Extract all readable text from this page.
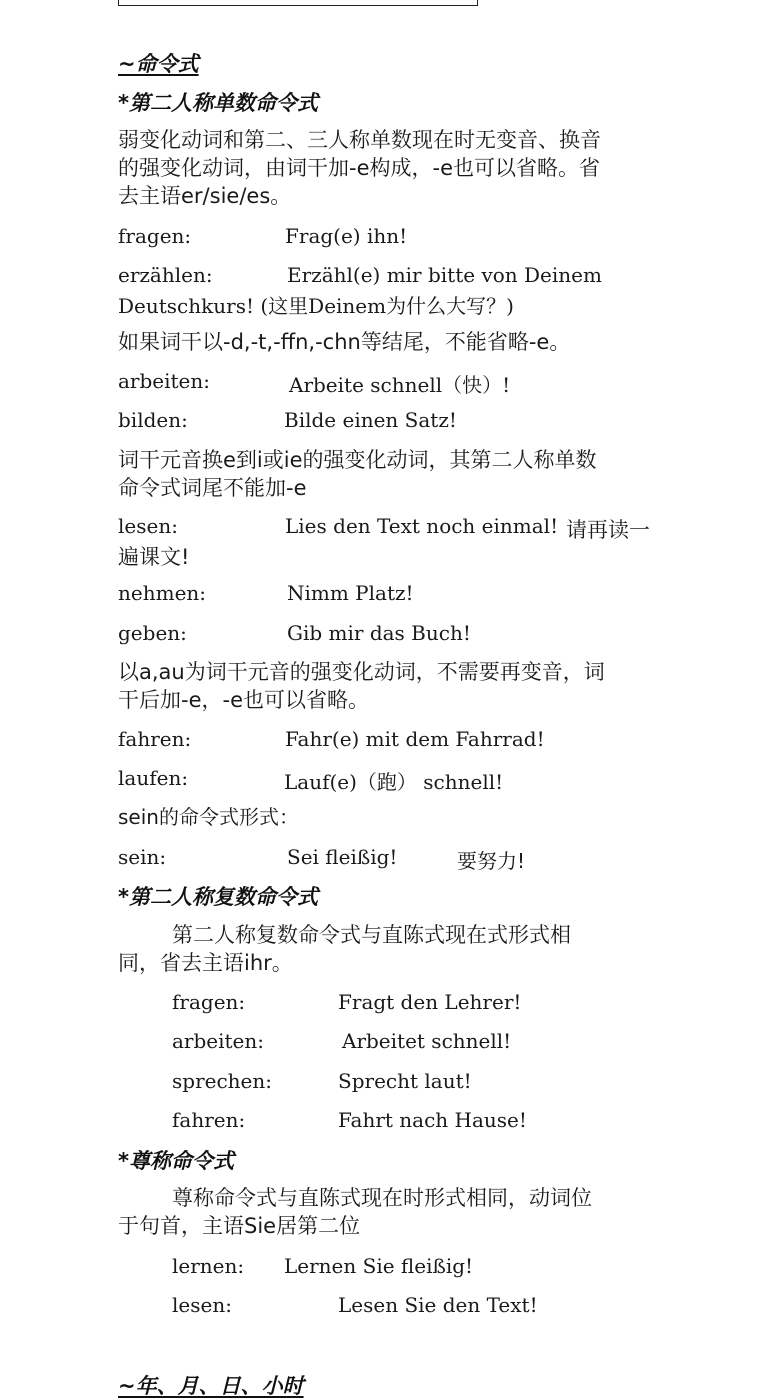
~命令式
*第二人称单数命令式
弱变化动词和第二、三人称单数现在时无变音、换音
的强变化动词，由词干加-e构成，-e也可以省略。省
去主语er/sie/es。
fragen:	Frag(e) ihn!
erzählen:	Erzähl(e) mir bitte von Deinem
Deutschkurs! (这里Deinem为什么大写？)
如果词干以-d,-t,-ffn,-chn等结尾，不能省略-e。
arbeiten:	Arbeite schnell（快）!
bilden:	Bilde einen Satz!
词干元音换e到i或ie的强变化动词，其第二人称单数
命令式词尾不能加-e
lesen:	Lies den Text noch einmal! 请再读一
遍课文!
nehmen:	Nimm Platz!
geben:	Gib mir das Buch!
以a,au为词干元音的强变化动词，不需要再变音，词
干后加-e，-e也可以省略。
fahren:	Fahr(e) mit dem Fahrrad!
laufen:	Lauf(e)（跑） schnell!
sein的命令式形式：
sein:	Sei fleißig!	要努力!
*第二人称复数命令式
第二人称复数命令式与直陈式现在式形式相
同，省去主语ihr。
fragen:	Fragt den Lehrer!
arbeiten:	Arbeitet schnell!
sprechen:	Sprecht laut!
fahren:	Fahrt nach Hause!
*尊称命令式
尊称命令式与直陈式现在时形式相同，动词位
于句首，主语Sie居第二位
lernen: Lernen Sie fleißig!
lesen:	Lesen Sie den Text!
~年、月、日、小时
